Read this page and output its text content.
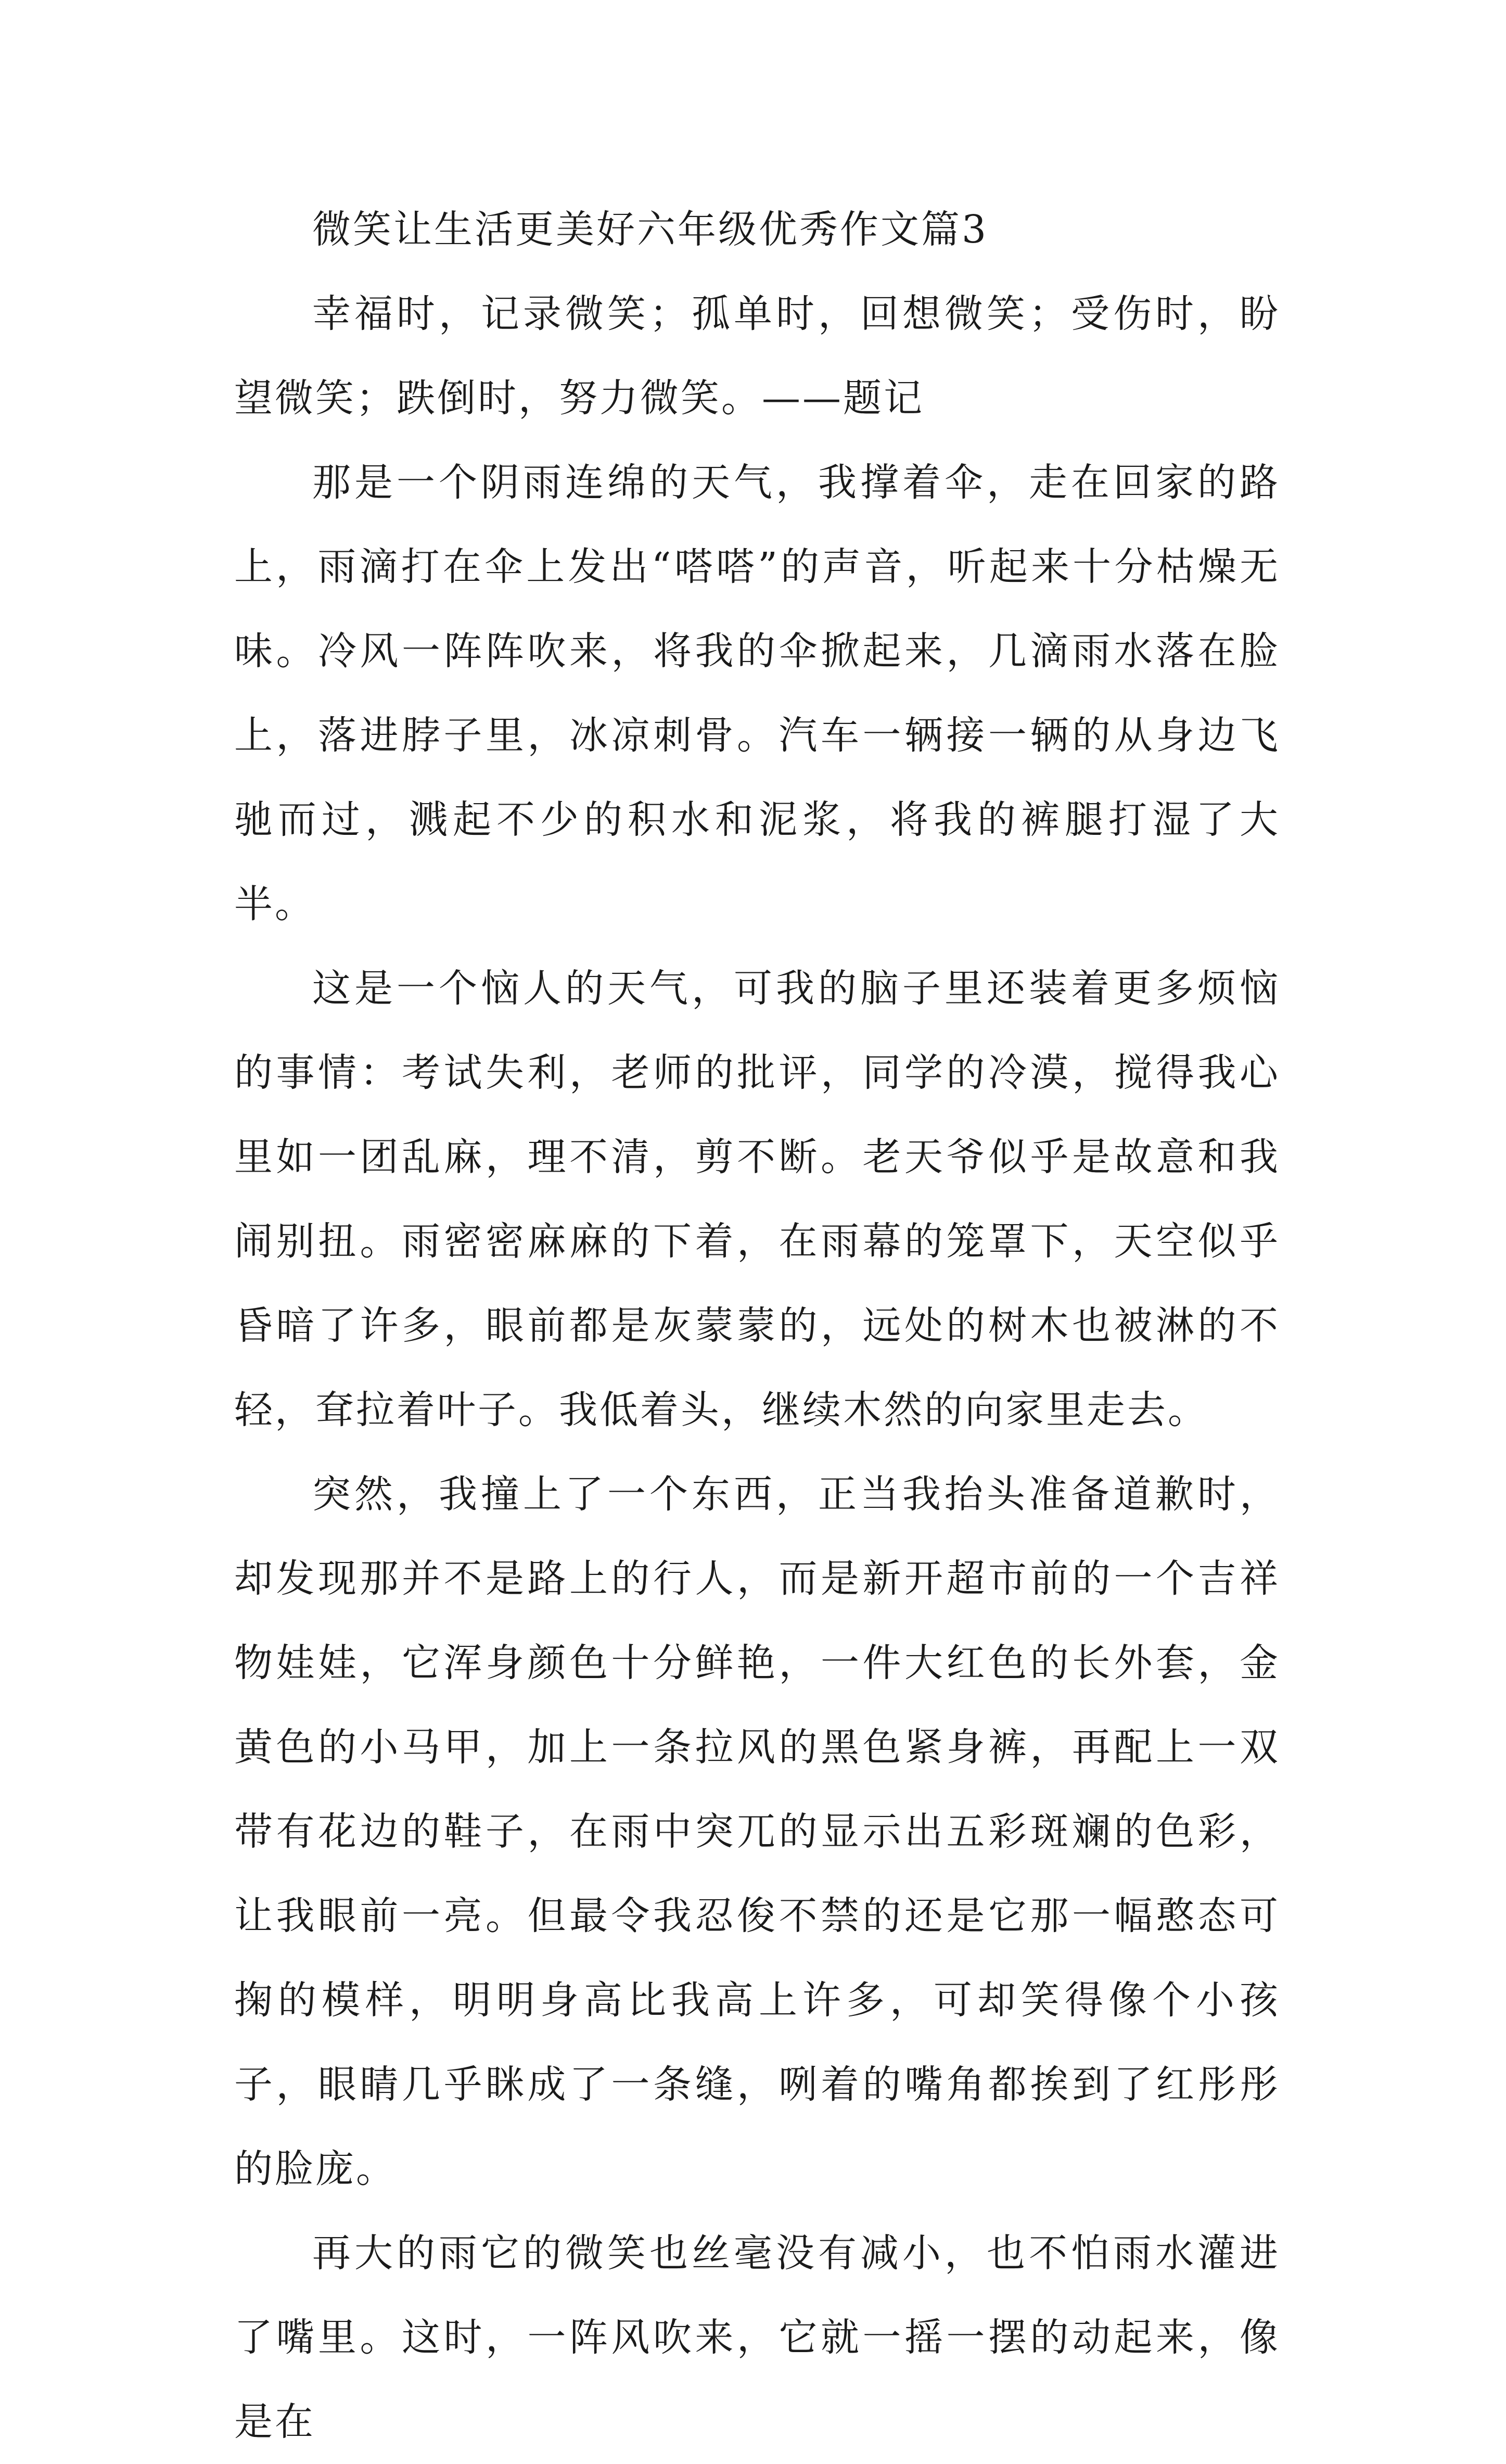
微笑让生活更美好六年级优秀作文篇3

幸福时，记录微笑；孤单时，回想微笑；受伤时，盼望微笑；跌倒时，努力微笑。——题记

那是一个阴雨连绵的天气，我撑着伞，走在回家的路上，雨滴打在伞上发出“嗒嗒”的声音，听起来十分枯燥无味。冷风一阵阵吹来，将我的伞掀起来，几滴雨水落在脸上，落进脖子里，冰凉刺骨。汽车一辆接一辆的从身边飞驰而过，溅起不少的积水和泥浆，将我的裤腿打湿了大半。

这是一个恼人的天气，可我的脑子里还装着更多烦恼的事情：考试失利，老师的批评，同学的冷漠，搅得我心里如一团乱麻，理不清，剪不断。老天爷似乎是故意和我闹别扭。雨密密麻麻的下着，在雨幕的笼罩下，天空似乎昏暗了许多，眼前都是灰蒙蒙的，远处的树木也被淋的不轻，耷拉着叶子。我低着头，继续木然的向家里走去。

突然，我撞上了一个东西，正当我抬头准备道歉时，却发现那并不是路上的行人，而是新开超市前的一个吉祥物娃娃，它浑身颜色十分鲜艳，一件大红色的长外套，金黄色的小马甲，加上一条拉风的黑色紧身裤，再配上一双带有花边的鞋子，在雨中突兀的显示出五彩斑斓的色彩，让我眼前一亮。但最令我忍俊不禁的还是它那一幅憨态可掬的模样，明明身高比我高上许多，可却笑得像个小孩子，眼睛几乎眯成了一条缝，咧着的嘴角都挨到了红彤彤的脸庞。

再大的雨它的微笑也丝毫没有减小，也不怕雨水灌进了嘴里。这时，一阵风吹来，它就一摇一摆的动起来，像是在
